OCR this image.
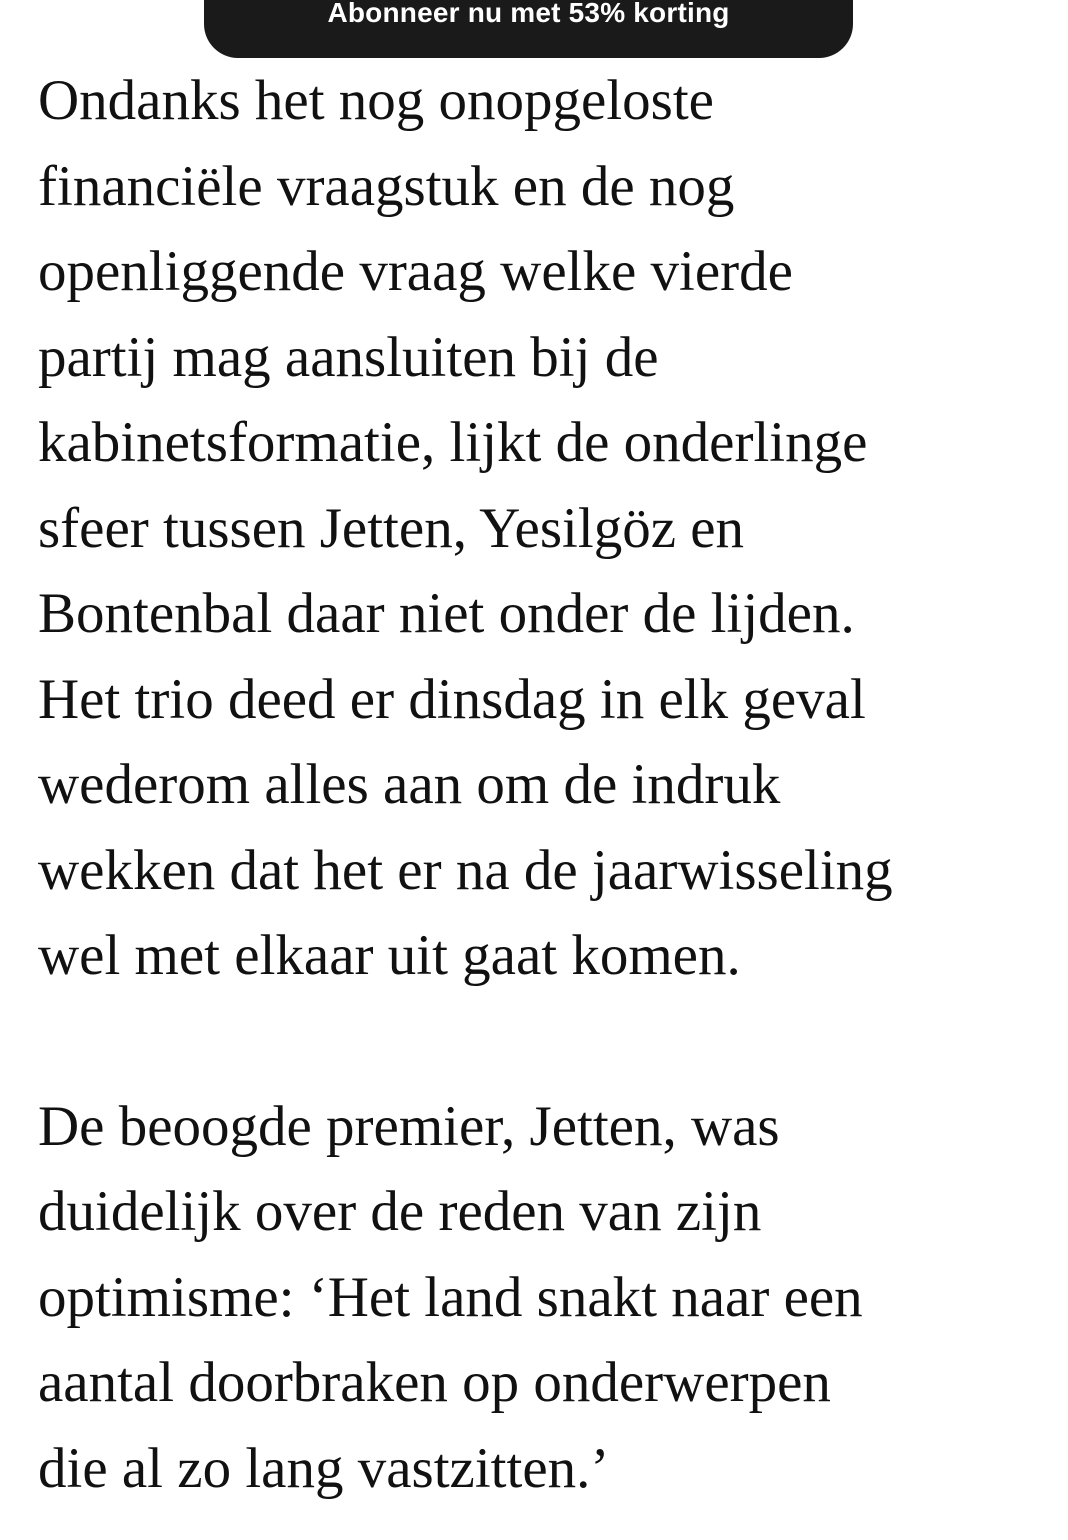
Abonneer nu met 53% korting

Ondanks het nog onopgeloste
financiële vraagstuk en de nog
openliggende vraag welke vierde
partij mag aansluiten bij de
kabinetsformatie, lijkt de onderlinge
sfeer tussen Jetten, Yesilgöz en
Bontenbal daar niet onder de lijden.
Het trio deed er dinsdag in elk geval
wederom alles aan om de indruk
wekken dat het er na de jaarwisseling
wel met elkaar uit gaat komen.

De beoogde premier, Jetten, was
duidelijk over de reden van zijn
optimisme: ‘Het land snakt naar een
aantal doorbraken op onderwerpen
die al zo lang vastzitten.’
